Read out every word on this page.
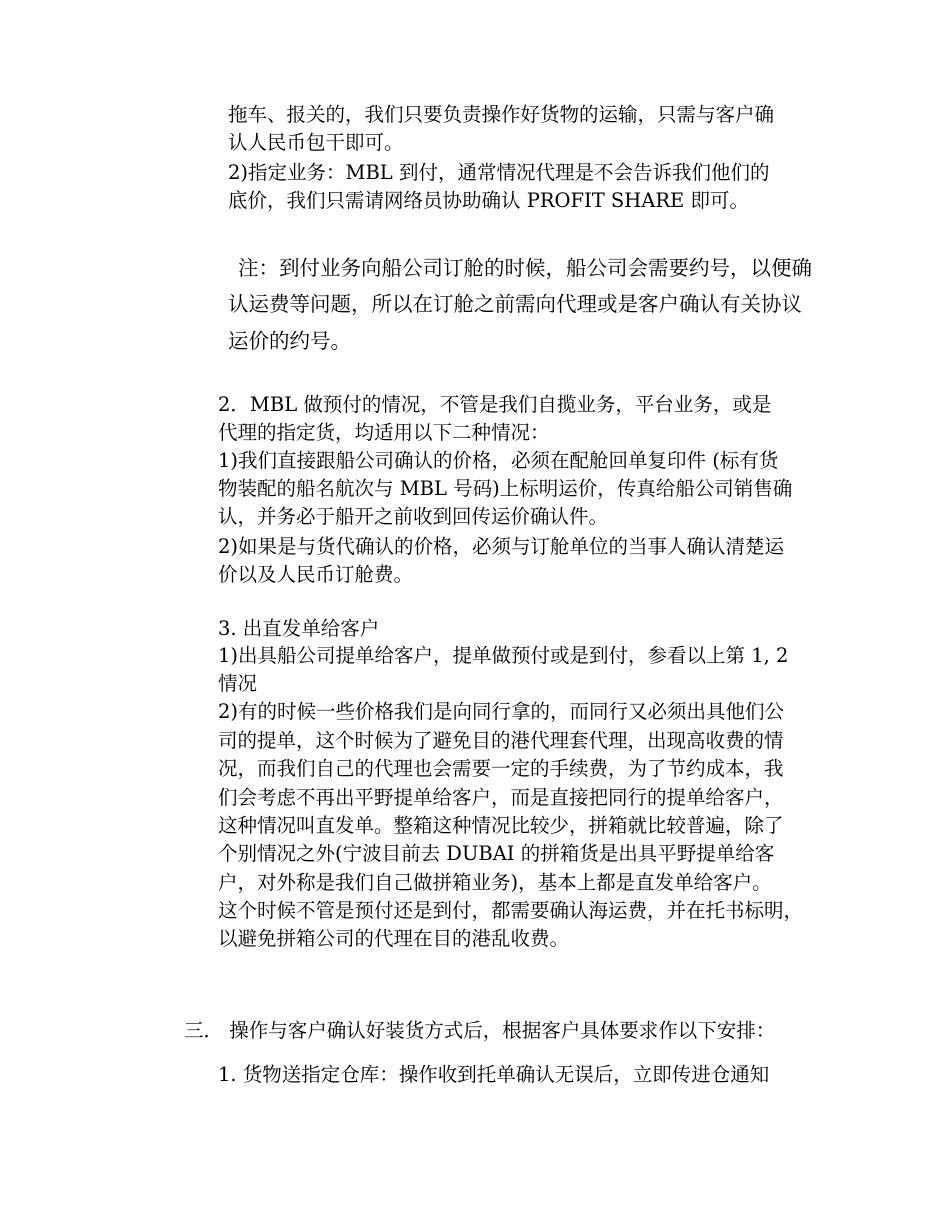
拖车、报关的，我们只要负责操作好货物的运输，只需与客户确
认人民币包干即可。
2)指定业务：MBL 到付，通常情况代理是不会告诉我们他们的
底价，我们只需请网络员协助确认 PROFIT SHARE 即可。
注：到付业务向船公司订舱的时候，船公司会需要约号，以便确
认运费等问题，所以在订舱之前需向代理或是客户确认有关协议
运价的约号。
2．MBL 做预付的情况，不管是我们自揽业务，平台业务，或是
代理的指定货，均适用以下二种情况：
1)我们直接跟船公司确认的价格，必须在配舱回单复印件 (标有货
物装配的船名航次与 MBL 号码)上标明运价，传真给船公司销售确
认，并务必于船开之前收到回传运价确认件。
2)如果是与货代确认的价格，必须与订舱单位的当事人确认清楚运
价以及人民币订舱费。
3. 出直发单给客户
1)出具船公司提单给客户，提单做预付或是到付，参看以上第 1, 2
情况
2)有的时候一些价格我们是向同行拿的，而同行又必须出具他们公
司的提单，这个时候为了避免目的港代理套代理，出现高收费的情
况，而我们自己的代理也会需要一定的手续费，为了节约成本，我
们会考虑不再出平野提单给客户，而是直接把同行的提单给客户，
这种情况叫直发单。整箱这种情况比较少，拼箱就比较普遍，除了
个别情况之外(宁波目前去 DUBAI 的拼箱货是出具平野提单给客
户，对外称是我们自己做拼箱业务)，基本上都是直发单给客户。
这个时候不管是预付还是到付，都需要确认海运费，并在托书标明，
以避免拼箱公司的代理在目的港乱收费。
三． 操作与客户确认好装货方式后，根据客户具体要求作以下安排：
1. 货物送指定仓库：操作收到托单确认无误后，立即传进仓通知
